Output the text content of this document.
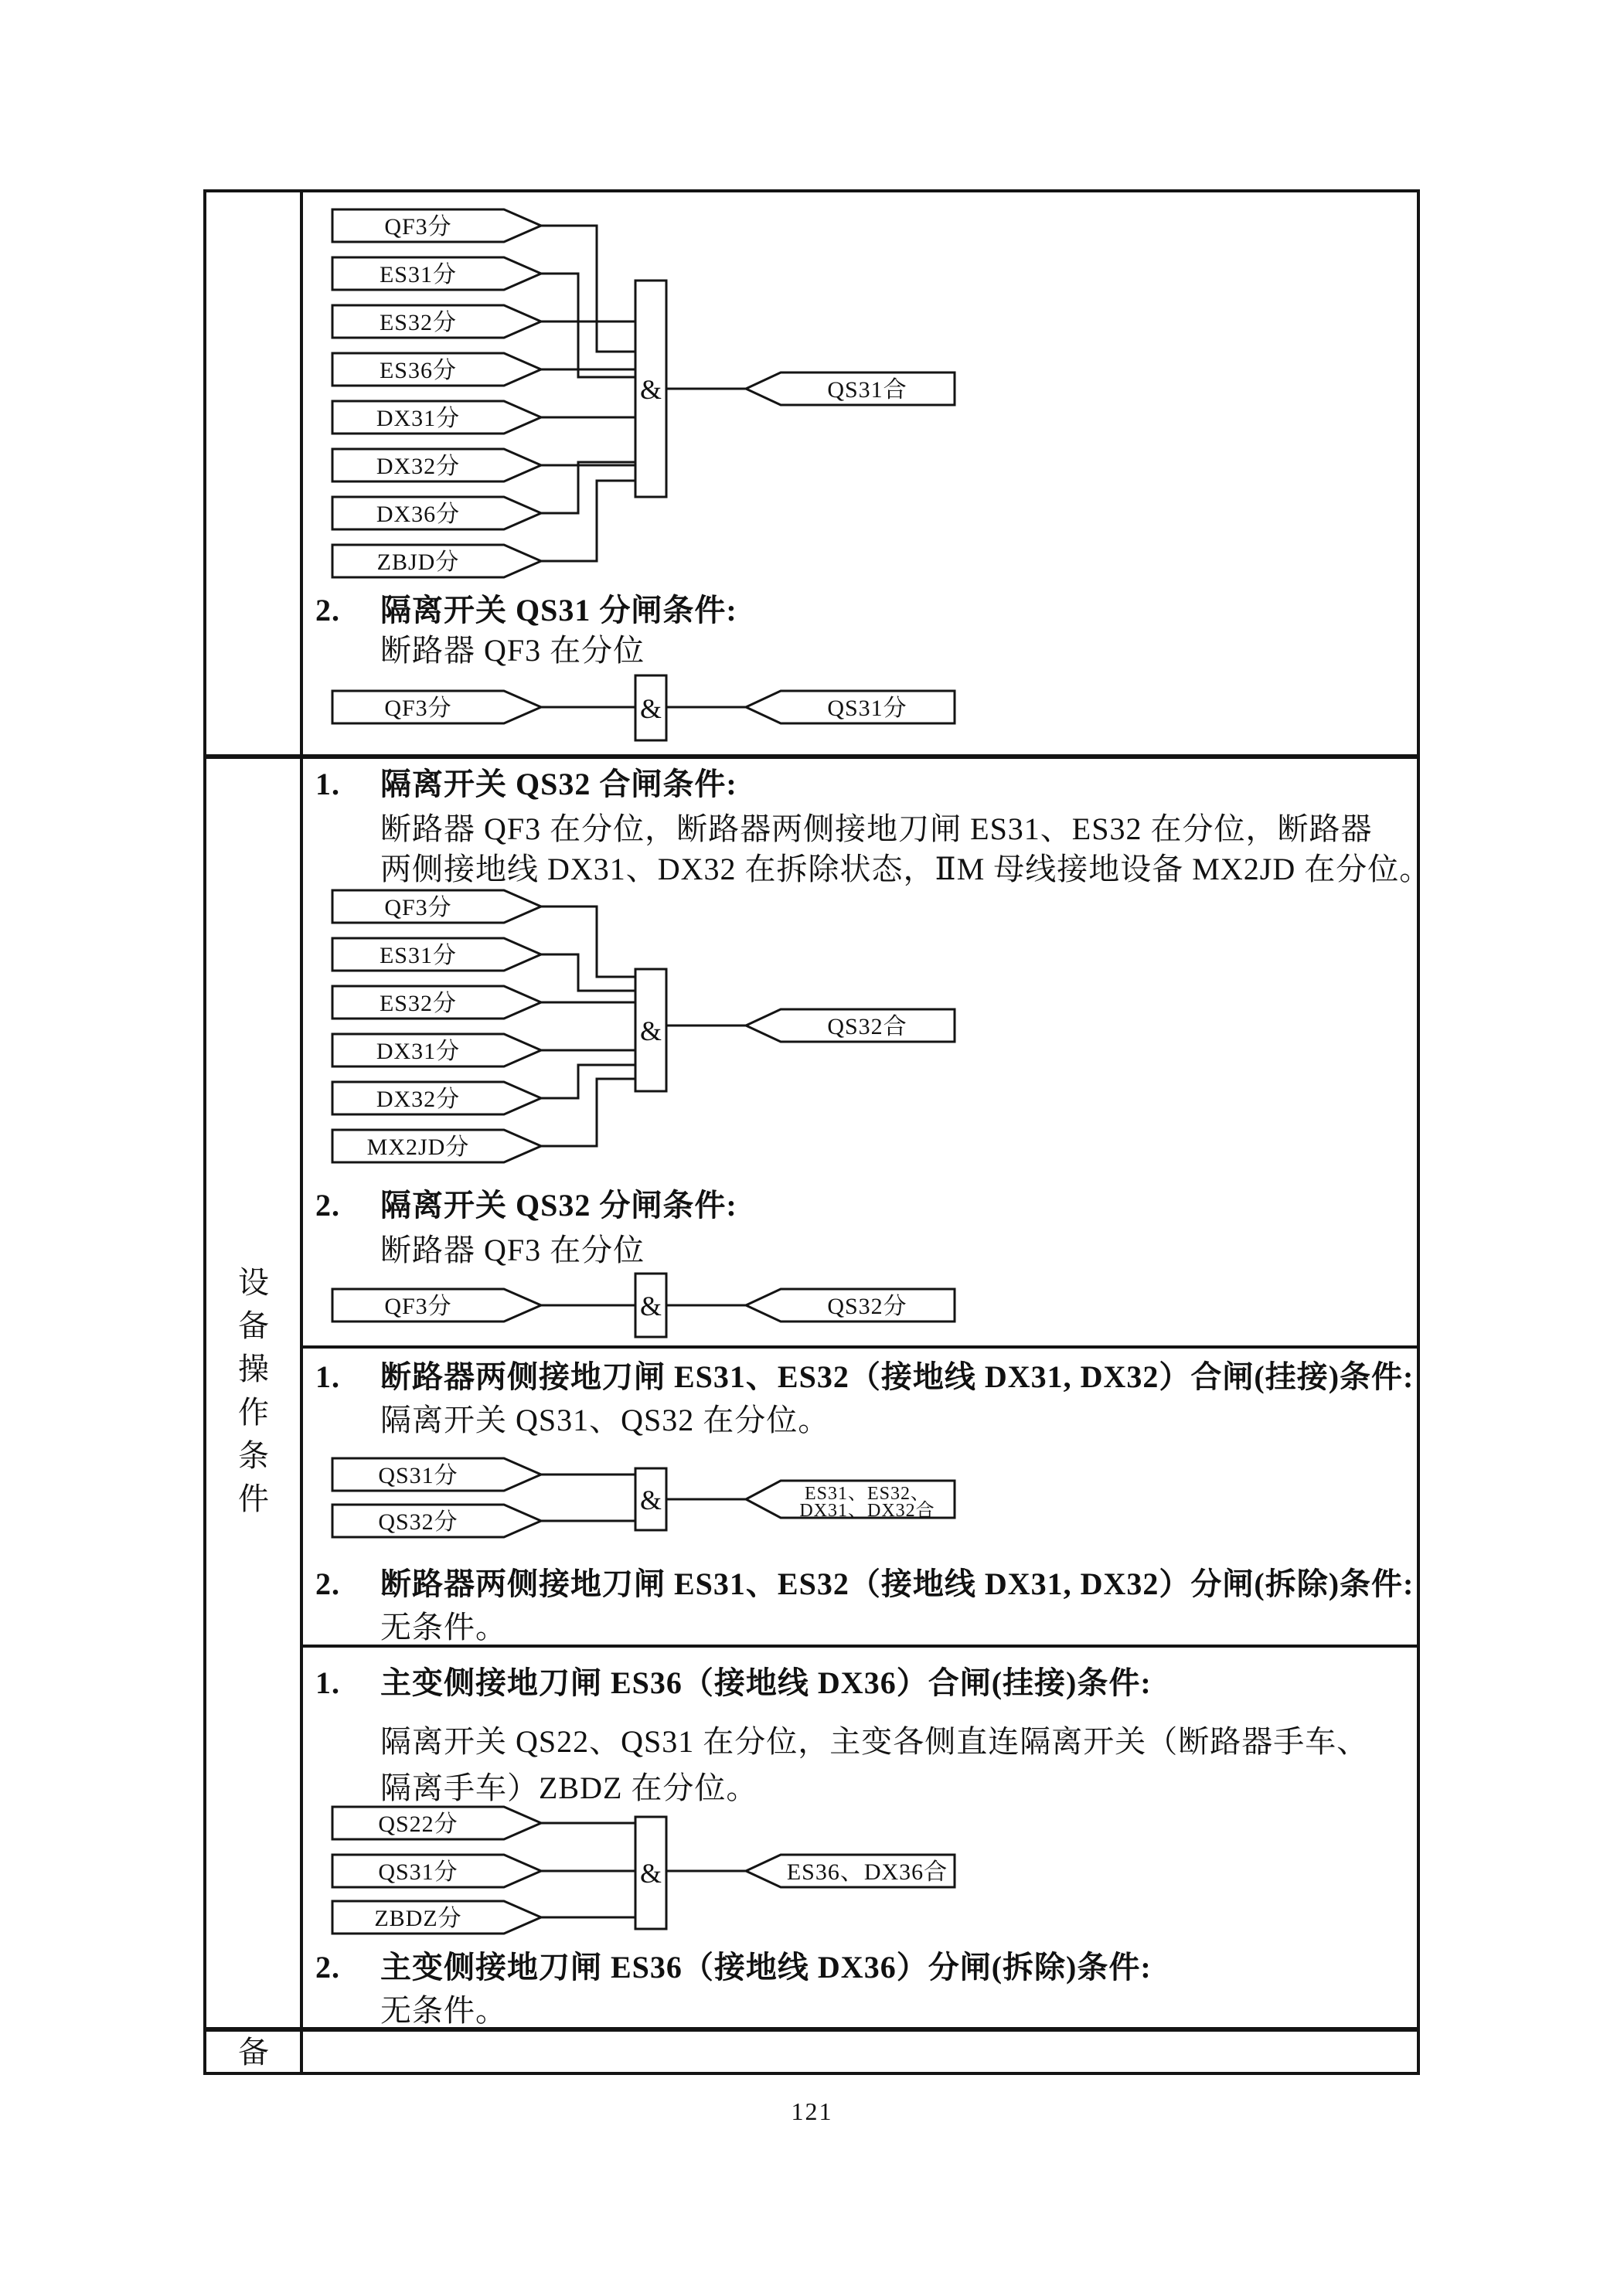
设
备
操
作
条
件
备
2.	隔离开关 QS31 分闸条件:
断路器 QF3 在分位
1.	隔离开关 QS32 合闸条件:
断路器 QF3 在分位，断路器两侧接地刀闸 ES31、ES32 在分位，断路器
两侧接地线 DX31、DX32 在拆除状态，ⅡM 母线接地设备 MX2JD 在分位。
2.	隔离开关 QS32 分闸条件:
断路器 QF3 在分位
1.	断路器两侧接地刀闸 ES31、ES32（接地线 DX31, DX32）合闸(挂接)条件:
隔离开关 QS31、QS32 在分位。
2.	断路器两侧接地刀闸 ES31、ES32（接地线 DX31, DX32）分闸(拆除)条件:
无条件。
1.	主变侧接地刀闸 ES36（接地线 DX36）合闸(挂接)条件:
隔离开关 QS22、QS31 在分位，主变各侧直连隔离开关（断路器手车、
隔离手车）ZBDZ 在分位。
2.	主变侧接地刀闸 ES36（接地线 DX36）分闸(拆除)条件:
无条件。
QF3分
ES31分
ES32分
ES36分
DX31分
DX32分
DX36分
ZBJD分
&	QS31合
QF3分	&	QS31分
QF3分
ES31分
ES32分
DX31分
DX32分
MX2JD分
&	QS32合
QF3分	&	QS32分
QS31分
QS32分
&	ES31、ES32、
DX31、DX32合
QS22分
QS31分
ZBDZ分
&	ES36、DX36合
121
